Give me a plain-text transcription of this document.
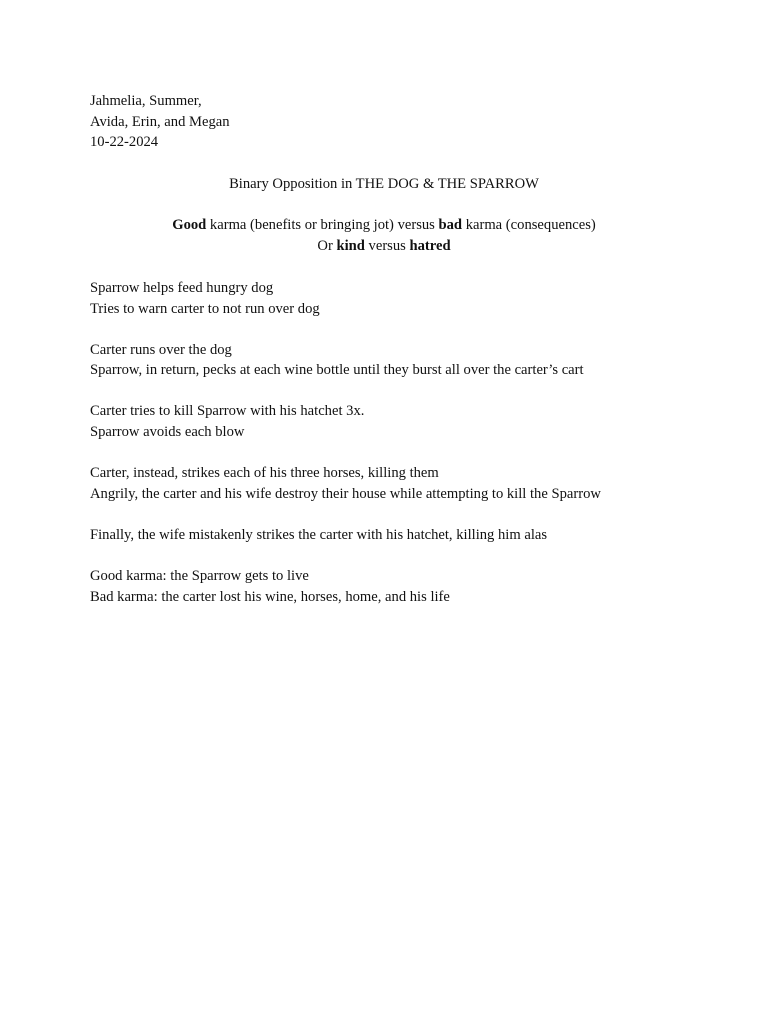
Jahmelia, Summer,
Avida, Erin, and Megan
10-22-2024
Binary Opposition in THE DOG & THE SPARROW
Good karma (benefits or bringing jot) versus bad karma (consequences)
Or kind versus hatred
Sparrow helps feed hungry dog
Tries to warn carter to not run over dog
Carter runs over the dog
Sparrow, in return, pecks at each wine bottle until they burst all over the carter’s cart
Carter tries to kill Sparrow with his hatchet 3x.
Sparrow avoids each blow
Carter, instead, strikes each of his three horses, killing them
Angrily, the carter and his wife destroy their house while attempting to kill the Sparrow
Finally, the wife mistakenly strikes the carter with his hatchet, killing him alas
Good karma: the Sparrow gets to live
Bad karma: the carter lost his wine, horses, home, and his life
